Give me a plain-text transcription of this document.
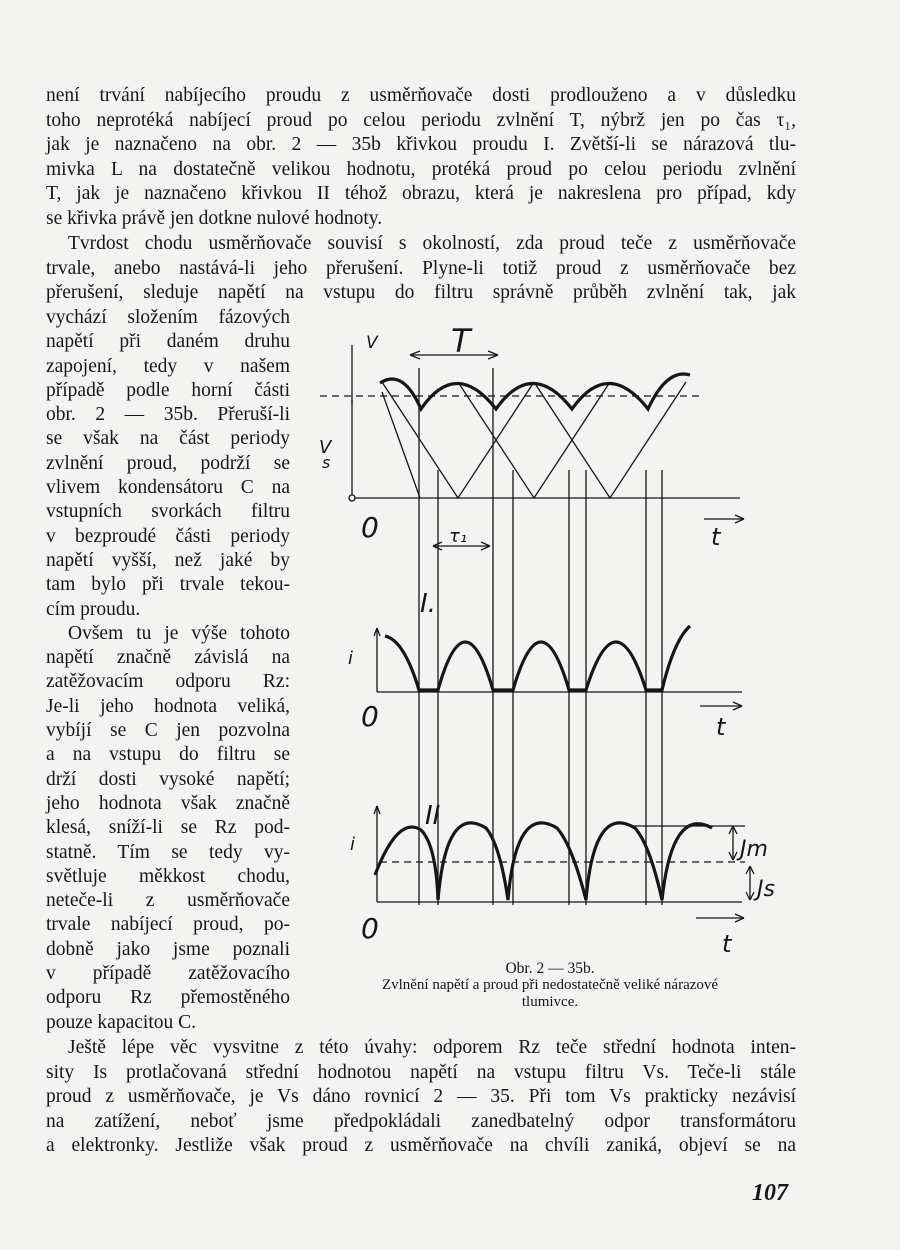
není trvání nabíjecího proudu z usměrňovače dosti prodlouženo a v důsledku
toho neprotéká nabíjecí proud po celou periodu zvlnění T, nýbrž jen po čas τ₁,
jak je naznačeno na obr. 2 — 35b křivkou proudu I. Zvětší-li se nárazová tlu-
mivka L na dostatečně velikou hodnotu, protéká proud po celou periodu zvlnění
T, jak je naznačeno křivkou II téhož obrazu, která je nakreslena pro případ, kdy
se křivka právě jen dotkne nulové hodnoty.
Tvrdost chodu usměrňovače souvisí s okolností, zda proud teče z usměrňovače
trvale, anebo nastává-li jeho přerušení. Plyne-li totiž proud z usměrňovače bez
přerušení, sleduje napětí na vstupu do filtru správně průběh zvlnění tak, jak
vychází složením fázových
napětí při daném druhu
zapojení, tedy v našem
případě podle horní části
obr. 2 — 35b. Přeruší-li
se však na část periody
zvlnění proud, podrží se
vlivem kondensátoru C na
vstupních svorkách filtru
v bezproudé části periody
napětí vyšší, než jaké by
tam bylo při trvale tekou-
cím proudu.
Ovšem tu je výše tohoto
napětí značně závislá na
zatěžovacím odporu Rz:
Je-li jeho hodnota veliká,
vybíjí se C jen pozvolna
a na vstupu do filtru se
drží dosti vysoké napětí;
jeho hodnota však značně
klesá, sníží-li se Rz pod-
statně. Tím se tedy vy-
světluje měkkost chodu,
neteče-li z usměrňovače
trvale nabíjecí proud, po-
dobně jako jsme poznali
v případě zatěžovacího
odporu Rz přemostěného
pouze kapacitou C.
V
V
s
T
τ₁
0	t
i
I.
0	t
i
II
0	t
Jm
Js
Obr. 2 — 35b.
Zvlnění napětí a proud při nedostatečně veliké nárazové
tlumivce.
Ještě lépe věc vysvitne z této úvahy: odporem Rz teče střední hodnota inten-
sity Is protlačovaná střední hodnotou napětí na vstupu filtru Vs. Teče-li stále
proud z usměrňovače, je Vs dáno rovnicí 2 — 35. Při tom Vs prakticky nezávisí
na zatížení, neboť jsme předpokládali zanedbatelný odpor transformátoru
a elektronky. Jestliže však proud z usměrňovače na chvíli zaniká, objeví se na
107
